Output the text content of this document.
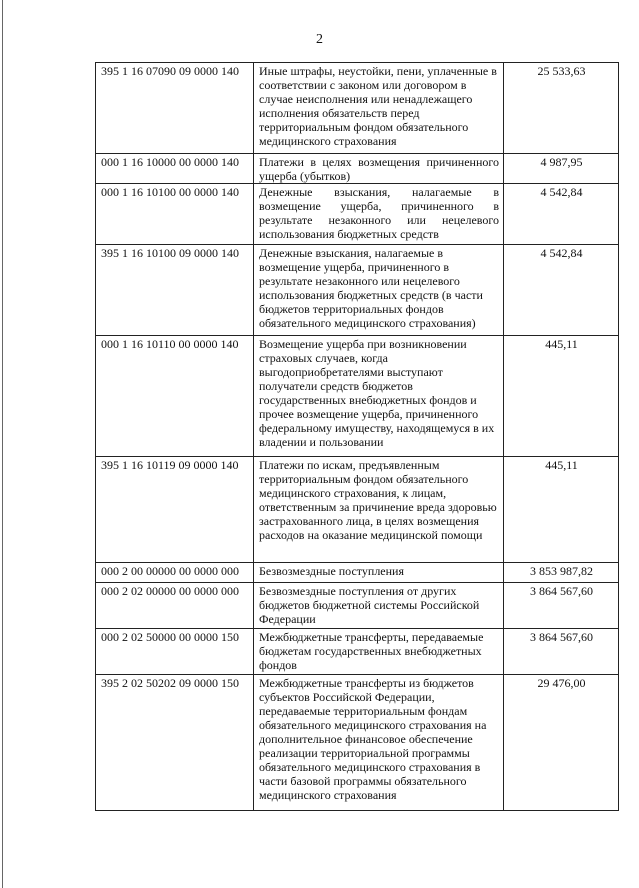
2
395 1 16 07090 09 0000 140	Иные штрафы, неустойки, пени, уплаченные в соответствии с законом или договором в случае неисполнения или ненадлежащего исполнения обязательств перед территориальным фондом обязательного медицинского страхования	25 533,63
000 1 16 10000 00 0000 140	Платежи в целях возмещения причиненного ущерба (убытков)	4 987,95
000 1 16 10100 00 0000 140	Денежные взыскания, налагаемые в возмещение ущерба, причиненного в результате незаконного или нецелевого использования бюджетных средств	4 542,84
395 1 16 10100 09 0000 140	Денежные взыскания, налагаемые в возмещение ущерба, причиненного в результате незаконного или нецелевого использования бюджетных средств (в части бюджетов территориальных фондов обязательного медицинского страхования)	4 542,84
000 1 16 10110 00 0000 140	Возмещение ущерба при возникновении страховых случаев, когда выгодоприобретателями выступают получатели средств бюджетов государственных внебюджетных фондов и прочее возмещение ущерба, причиненного федеральному имуществу, находящемуся в их владении и пользовании	445,11
395 1 16 10119 09 0000 140	Платежи по искам, предъявленным территориальным фондом обязательного медицинского страхования, к лицам, ответственным за причинение вреда здоровью застрахованного лица, в целях возмещения расходов на оказание медицинской помощи	445,11
000 2 00 00000 00 0000 000	Безвозмездные поступления	3 853 987,82
000 2 02 00000 00 0000 000	Безвозмездные поступления от других бюджетов бюджетной системы Российской Федерации	3 864 567,60
000 2 02 50000 00 0000 150	Межбюджетные трансферты, передаваемые бюджетам государственных внебюджетных фондов	3 864 567,60
395 2 02 50202 09 0000 150	Межбюджетные трансферты из бюджетов субъектов Российской Федерации, передаваемые территориальным фондам обязательного медицинского страхования на дополнительное финансовое обеспечение реализации территориальной программы обязательного медицинского страхования в части базовой программы обязательного медицинского страхования	29 476,00
